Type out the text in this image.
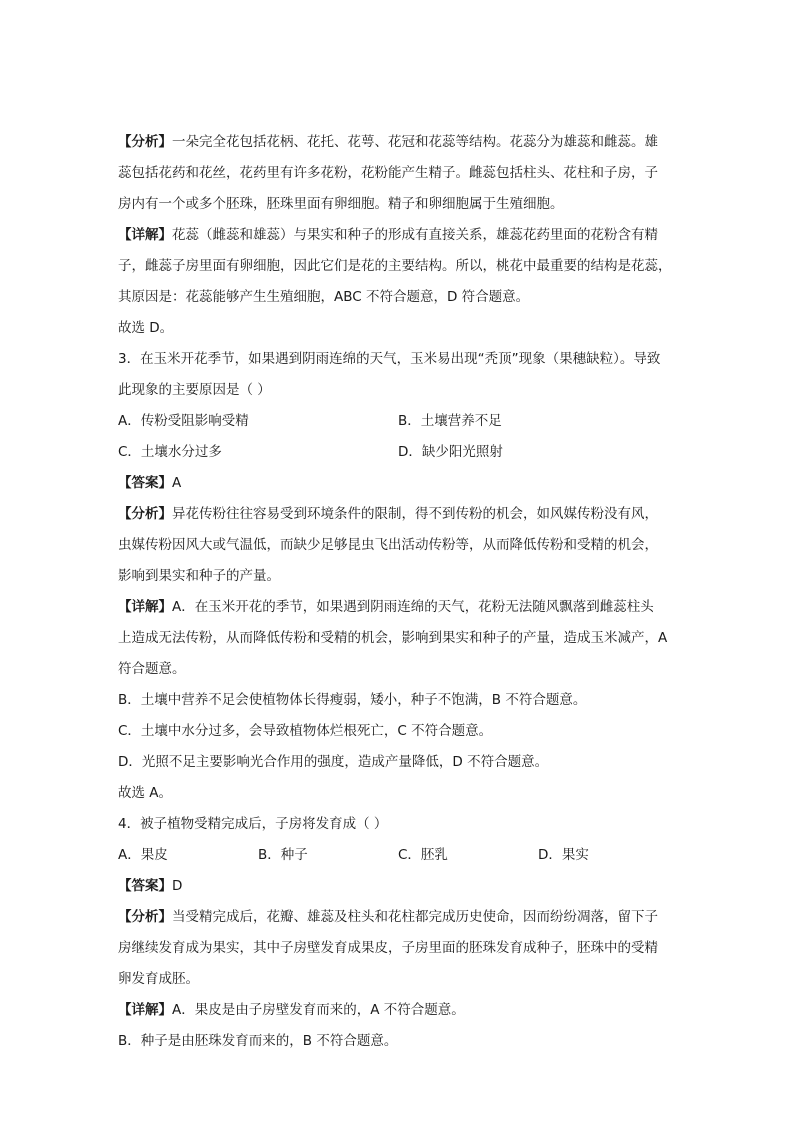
【分析】一朵完全花包括花柄、花托、花萼、花冠和花蕊等结构。花蕊分为雄蕊和雌蕊。雄
蕊包括花药和花丝，花药里有许多花粉，花粉能产生精子。雌蕊包括柱头、花柱和子房，子
房内有一个或多个胚珠，胚珠里面有卵细胞。精子和卵细胞属于生殖细胞。
【详解】花蕊（雌蕊和雄蕊）与果实和种子的形成有直接关系，雄蕊花药里面的花粉含有精
子，雌蕊子房里面有卵细胞，因此它们是花的主要结构。所以，桃花中最重要的结构是花蕊，
其原因是：花蕊能够产生生殖细胞，ABC 不符合题意，D 符合题意。
故选 D。
3．在玉米开花季节，如果遇到阴雨连绵的天气，玉米易出现“秃顶”现象（果穗缺粒）。导致
此现象的主要原因是（ ）
A．传粉受阻影响受精	B．土壤营养不足
C．土壤水分过多	D．缺少阳光照射
【答案】A
【分析】异花传粉往往容易受到环境条件的限制，得不到传粉的机会，如风媒传粉没有风，
虫媒传粉因风大或气温低，而缺少足够昆虫飞出活动传粉等，从而降低传粉和受精的机会，
影响到果实和种子的产量。
【详解】A．在玉米开花的季节，如果遇到阴雨连绵的天气，花粉无法随风飘落到雌蕊柱头
上造成无法传粉，从而降低传粉和受精的机会，影响到果实和种子的产量，造成玉米减产，A
符合题意。
B．土壤中营养不足会使植物体长得瘦弱，矮小，种子不饱满，B 不符合题意。
C．土壤中水分过多，会导致植物体烂根死亡，C 不符合题意。
D．光照不足主要影响光合作用的强度，造成产量降低，D 不符合题意。
故选 A。
4．被子植物受精完成后，子房将发育成（ ）
A．果皮	B．种子	C．胚乳	D．果实
【答案】D
【分析】当受精完成后，花瓣、雄蕊及柱头和花柱都完成历史使命，因而纷纷凋落，留下子
房继续发育成为果实，其中子房壁发育成果皮，子房里面的胚珠发育成种子，胚珠中的受精
卵发育成胚。
【详解】A．果皮是由子房壁发育而来的，A 不符合题意。
B．种子是由胚珠发育而来的，B 不符合题意。
